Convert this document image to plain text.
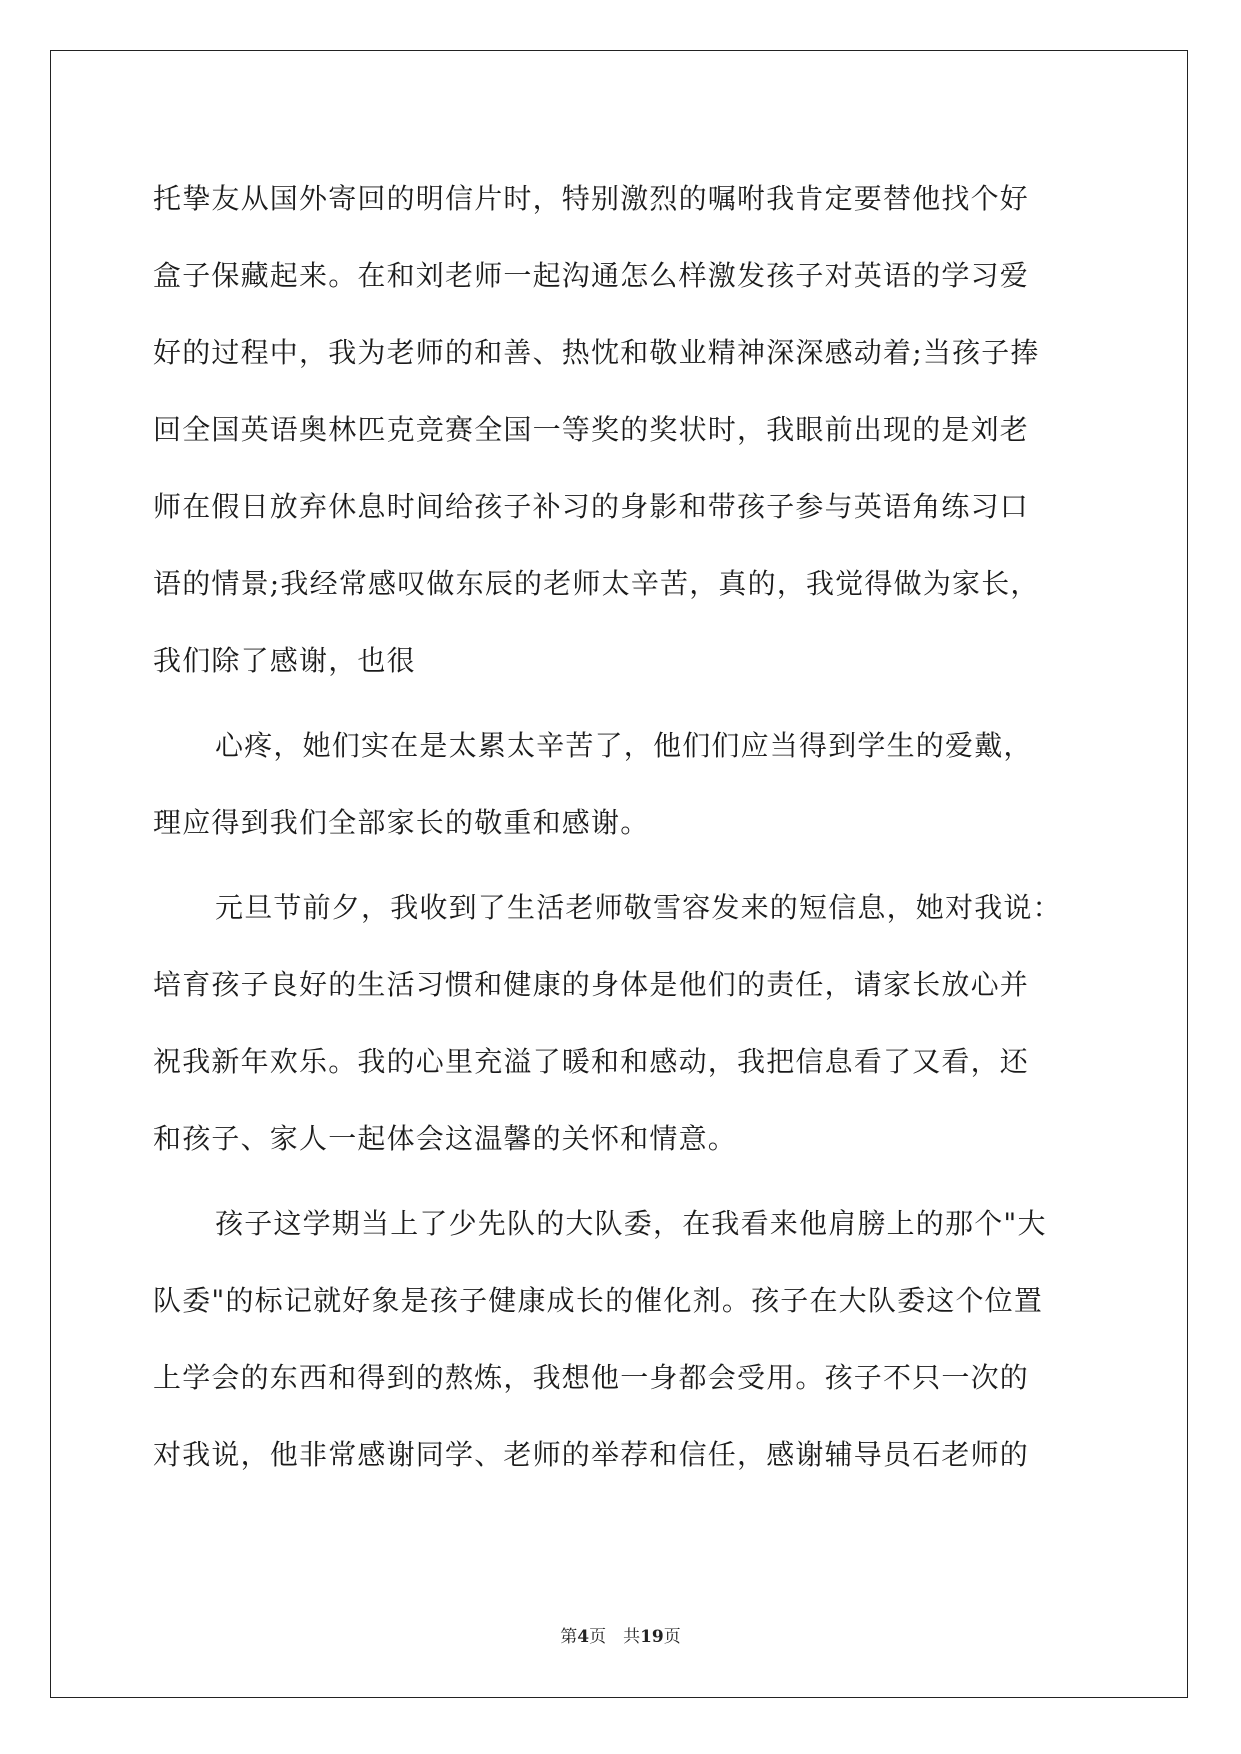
托挚友从国外寄回的明信片时，特别激烈的嘱咐我肯定要替他找个好
盒子保藏起来。在和刘老师一起沟通怎么样激发孩子对英语的学习爱
好的过程中，我为老师的和善、热忱和敬业精神深深感动着;当孩子捧
回全国英语奥林匹克竞赛全国一等奖的奖状时，我眼前出现的是刘老
师在假日放弃休息时间给孩子补习的身影和带孩子参与英语角练习口
语的情景;我经常感叹做东辰的老师太辛苦，真的，我觉得做为家长，
我们除了感谢，也很
心疼，她们实在是太累太辛苦了，他们们应当得到学生的爱戴，
理应得到我们全部家长的敬重和感谢。
元旦节前夕，我收到了生活老师敬雪容发来的短信息，她对我说：
培育孩子良好的生活习惯和健康的身体是他们的责任，请家长放心并
祝我新年欢乐。我的心里充溢了暖和和感动，我把信息看了又看，还
和孩子、家人一起体会这温馨的关怀和情意。
孩子这学期当上了少先队的大队委，在我看来他肩膀上的那个"大
队委"的标记就好象是孩子健康成长的催化剂。孩子在大队委这个位置
上学会的东西和得到的熬炼，我想他一身都会受用。孩子不只一次的
对我说，他非常感谢同学、老师的举荐和信任，感谢辅导员石老师的
第4页　共19页
